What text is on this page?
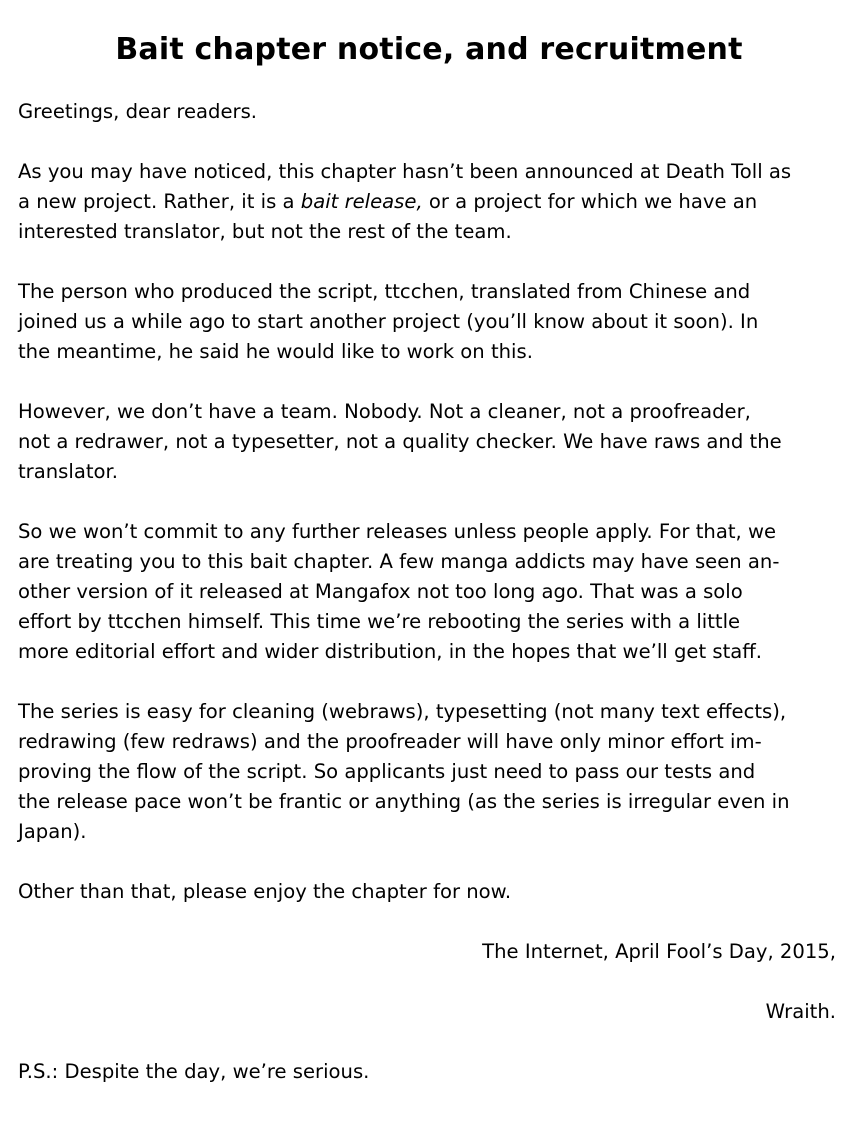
Bait chapter notice, and recruitment
Greetings, dear readers.
As you may have noticed, this chapter hasn’t been announced at Death Toll as
a new project. Rather, it is a bait release, or a project for which we have an
interested translator, but not the rest of the team.
The person who produced the script, ttcchen, translated from Chinese and
joined us a while ago to start another project (you’ll know about it soon). In
the meantime, he said he would like to work on this.
However, we don’t have a team. Nobody. Not a cleaner, not a proofreader,
not a redrawer, not a typesetter, not a quality checker. We have raws and the
translator.
So we won’t commit to any further releases unless people apply. For that, we
are treating you to this bait chapter. A few manga addicts may have seen an-
other version of it released at Mangafox not too long ago. That was a solo
effort by ttcchen himself. This time we’re rebooting the series with a little
more editorial effort and wider distribution, in the hopes that we’ll get staff.
The series is easy for cleaning (webraws), typesetting (not many text effects),
redrawing (few redraws) and the proofreader will have only minor effort im-
proving the flow of the script. So applicants just need to pass our tests and
the release pace won’t be frantic or anything (as the series is irregular even in
Japan).
Other than that, please enjoy the chapter for now.
The Internet, April Fool’s Day, 2015,
Wraith.
P.S.: Despite the day, we’re serious.
